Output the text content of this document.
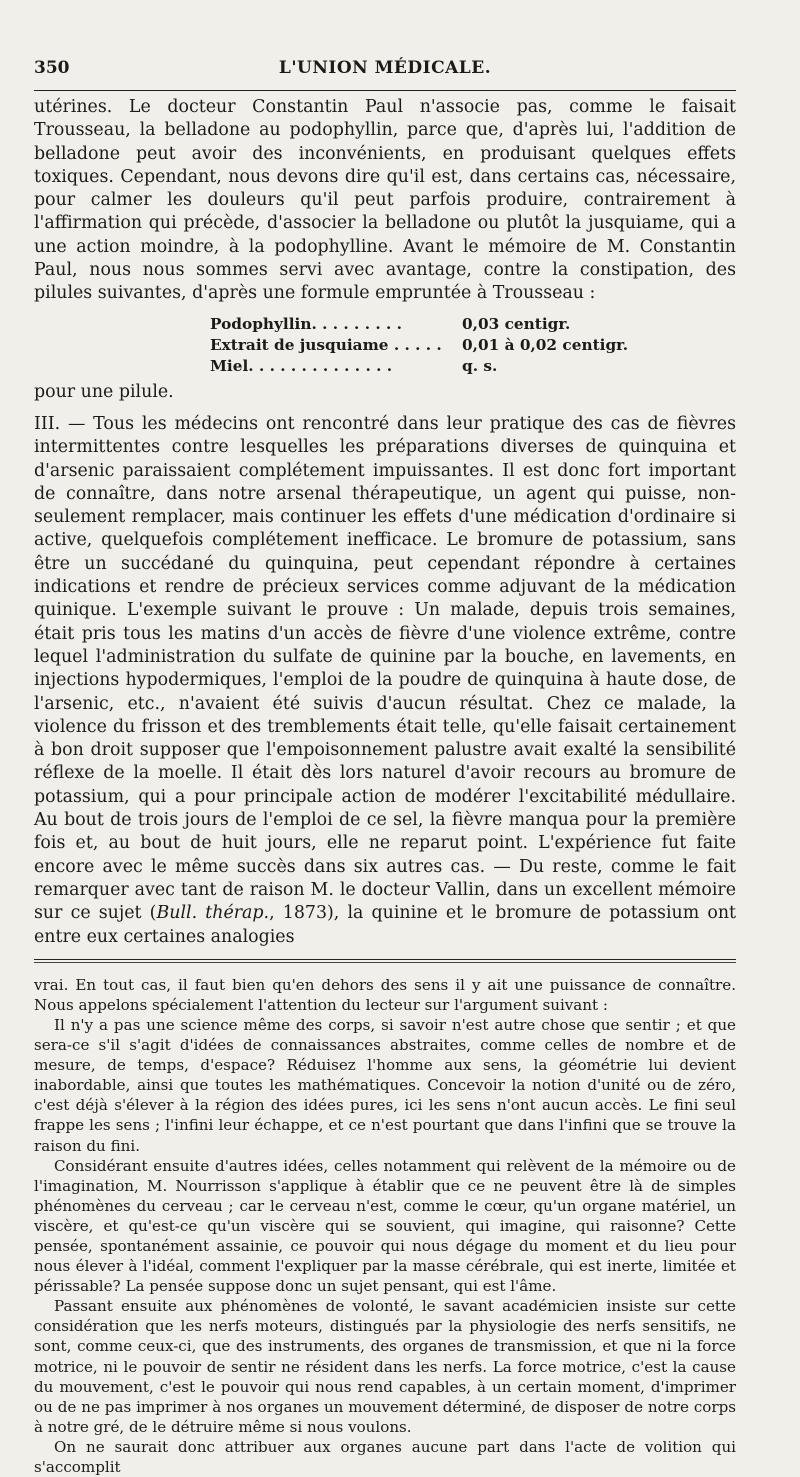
350	L'UNION MÉDICALE.

utérines. Le docteur Constantin Paul n'associe pas, comme le faisait Trousseau, la belladone au podophyllin, parce que, d'après lui, l'addition de belladone peut avoir des inconvénients, en produisant quelques effets toxiques. Cependant, nous devons dire qu'il est, dans certains cas, nécessaire, pour calmer les douleurs qu'il peut parfois produire, contrairement à l'affirmation qui précède, d'associer la belladone ou plutôt la jusquiame, qui a une action moindre, à la podophylline. Avant le mémoire de M. Constantin Paul, nous nous sommes servi avec avantage, contre la constipation, des pilules suivantes, d'après une formule empruntée à Trousseau :

Podophyllin. . . . . . . . .	0,03 centigr.
Extrait de jusquiame . . . . .	0,01 à 0,02 centigr.
Miel. . . . . . . . . . . . . .	q. s.

pour une pilule.

III. — Tous les médecins ont rencontré dans leur pratique des cas de fièvres intermittentes contre lesquelles les préparations diverses de quinquina et d'arsenic paraissaient complétement impuissantes. Il est donc fort important de connaître, dans notre arsenal thérapeutique, un agent qui puisse, non-seulement remplacer, mais continuer les effets d'une médication d'ordinaire si active, quelquefois complétement inefficace. Le bromure de potassium, sans être un succédané du quinquina, peut cependant répondre à certaines indications et rendre de précieux services comme adjuvant de la médication quinique. L'exemple suivant le prouve : Un malade, depuis trois semaines, était pris tous les matins d'un accès de fièvre d'une violence extrême, contre lequel l'administration du sulfate de quinine par la bouche, en lavements, en injections hypodermiques, l'emploi de la poudre de quinquina à haute dose, de l'arsenic, etc., n'avaient été suivis d'aucun résultat. Chez ce malade, la violence du frisson et des tremblements était telle, qu'elle faisait certainement à bon droit supposer que l'empoisonnement palustre avait exalté la sensibilité réflexe de la moelle. Il était dès lors naturel d'avoir recours au bromure de potassium, qui a pour principale action de modérer l'excitabilité médullaire. Au bout de trois jours de l'emploi de ce sel, la fièvre manqua pour la première fois et, au bout de huit jours, elle ne reparut point. L'expérience fut faite encore avec le même succès dans six autres cas. — Du reste, comme le fait remarquer avec tant de raison M. le docteur Vallin, dans un excellent mémoire sur ce sujet (Bull. thérap., 1873), la quinine et le bromure de potassium ont entre eux certaines analogies

vrai. En tout cas, il faut bien qu'en dehors des sens il y ait une puissance de connaître. Nous appelons spécialement l'attention du lecteur sur l'argument suivant :

Il n'y a pas une science même des corps, si savoir n'est autre chose que sentir ; et que sera-ce s'il s'agit d'idées de connaissances abstraites, comme celles de nombre et de mesure, de temps, d'espace? Réduisez l'homme aux sens, la géométrie lui devient inabordable, ainsi que toutes les mathématiques. Concevoir la notion d'unité ou de zéro, c'est déjà s'élever à la région des idées pures, ici les sens n'ont aucun accès. Le fini seul frappe les sens ; l'infini leur échappe, et ce n'est pourtant que dans l'infini que se trouve la raison du fini.

Considérant ensuite d'autres idées, celles notamment qui relèvent de la mémoire ou de l'imagination, M. Nourrisson s'applique à établir que ce ne peuvent être là de simples phénomènes du cerveau ; car le cerveau n'est, comme le cœur, qu'un organe matériel, un viscère, et qu'est-ce qu'un viscère qui se souvient, qui imagine, qui raisonne? Cette pensée, spontanément assainie, ce pouvoir qui nous dégage du moment et du lieu pour nous élever à l'idéal, comment l'expliquer par la masse cérébrale, qui est inerte, limitée et périssable? La pensée suppose donc un sujet pensant, qui est l'âme.

Passant ensuite aux phénomènes de volonté, le savant académicien insiste sur cette considération que les nerfs moteurs, distingués par la physiologie des nerfs sensitifs, ne sont, comme ceux-ci, que des instruments, des organes de transmission, et que ni la force motrice, ni le pouvoir de sentir ne résident dans les nerfs. La force motrice, c'est la cause du mouvement, c'est le pouvoir qui nous rend capables, à un certain moment, d'imprimer ou de ne pas imprimer à nos organes un mouvement déterminé, de disposer de notre corps à notre gré, de le détruire même si nous voulons.

On ne saurait donc attribuer aux organes aucune part dans l'acte de volition qui s'accomplit
